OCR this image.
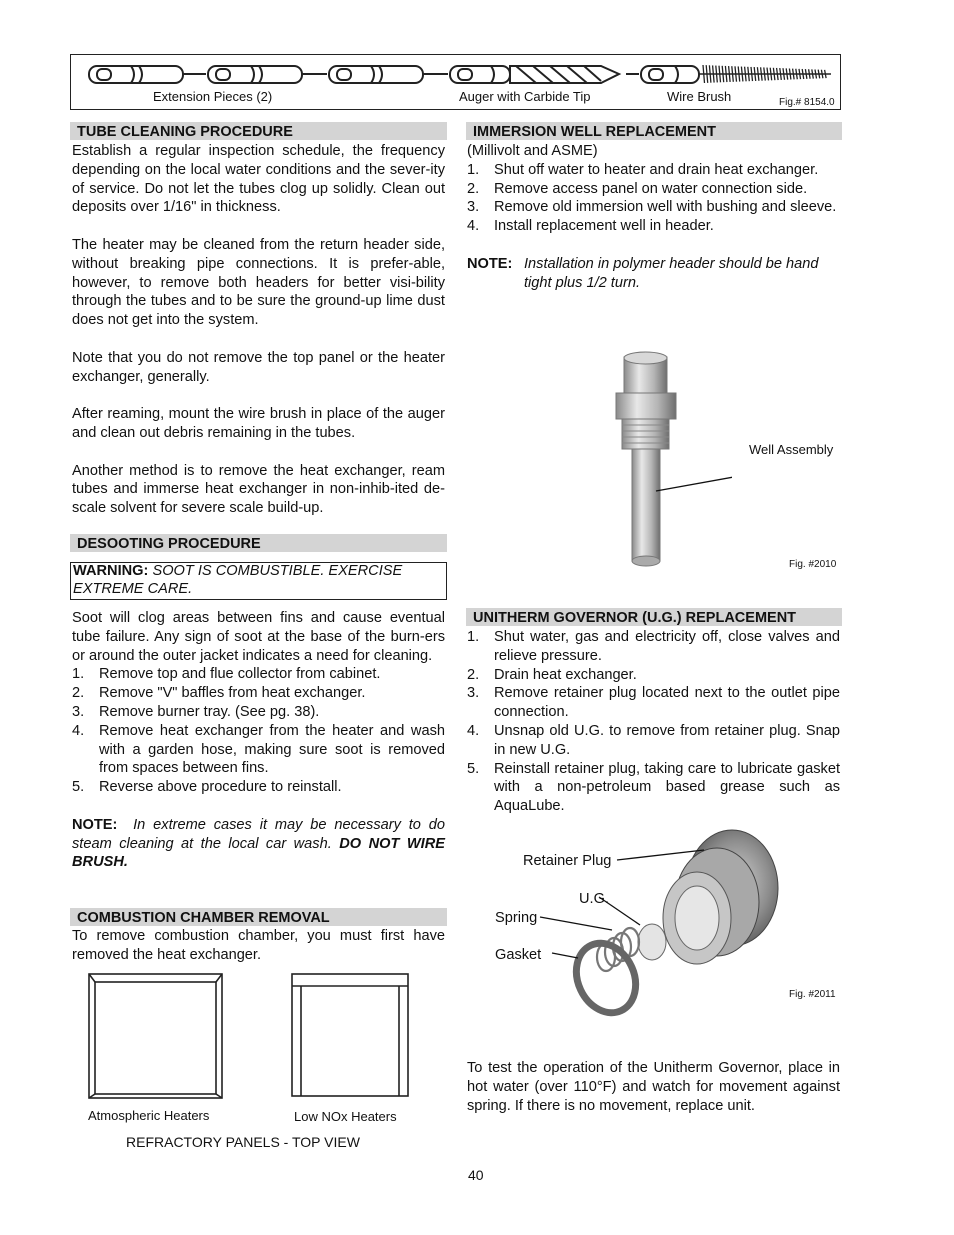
Extension Pieces (2)	Auger with Carbide Tip	Wire Brush	Fig.# 8154.0
TUBE CLEANING PROCEDURE

Establish a regular inspection schedule, the frequency depending on the local water conditions and the sever-ity of service. Do not let the tubes clog up solidly. Clean out deposits over 1/16" in thickness.

The heater may be cleaned from the return header side, without breaking pipe connections. It is prefer-able, however, to remove both headers for better visi-bility through the tubes and to be sure the ground-up lime dust does not get into the system.

Note that you do not remove the top panel or the heater exchanger, generally.

After reaming, mount the wire brush in place of the auger and clean out debris remaining in the tubes.

Another method is to remove the heat exchanger, ream tubes and immerse heat exchanger in non-inhib-ited de-scale solvent for severe scale build-up.

DESOOTING PROCEDURE
WARNING: SOOT IS COMBUSTIBLE. EXERCISE EXTREME CARE.

Soot will clog areas between fins and cause eventual tube failure. Any sign of soot at the base of the burn-ers or around the outer jacket indicates a need for cleaning.

1. Remove top and flue collector from cabinet.
2. Remove "V" baffles from heat exchanger.
3. Remove burner tray. (See pg. 38).
4. Remove heat exchanger from the heater and wash with a garden hose, making sure soot is removed from spaces between fins.
5. Reverse above procedure to reinstall.

NOTE: In extreme cases it may be necessary to do steam cleaning at the local car wash. DO NOT WIRE BRUSH.

COMBUSTION CHAMBER REMOVAL
To remove combustion chamber, you must first have removed the heat exchanger.
Atmospheric Heaters	Low NOx Heaters
REFRACTORY PANELS - TOP VIEW
IMMERSION WELL REPLACEMENT

(Millivolt and ASME)

1. Shut off water to heater and drain heat exchanger.
2. Remove access panel on water connection side.
3. Remove old immersion well with bushing and sleeve.
4. Install replacement well in header.
NOTE: Installation in polymer header should be hand tight plus 1/2 turn.
Well Assembly
Fig. #2010
UNITHERM GOVERNOR (U.G.) REPLACEMENT
1. Shut water, gas and electricity off, close valves and relieve pressure.
2. Drain heat exchanger.
3. Remove retainer plug located next to the outlet pipe connection.
4. Unsnap old U.G. to remove from retainer plug. Snap in new U.G.
5. Reinstall retainer plug, taking care to lubricate gasket with a non-petroleum based grease such as AquaLube.
Retainer Plug
U.G.
Spring
Gasket
Fig. #2011
To test the operation of the Unitherm Governor, place in hot water (over 110°F) and watch for movement against spring. If there is no movement, replace unit.
40
